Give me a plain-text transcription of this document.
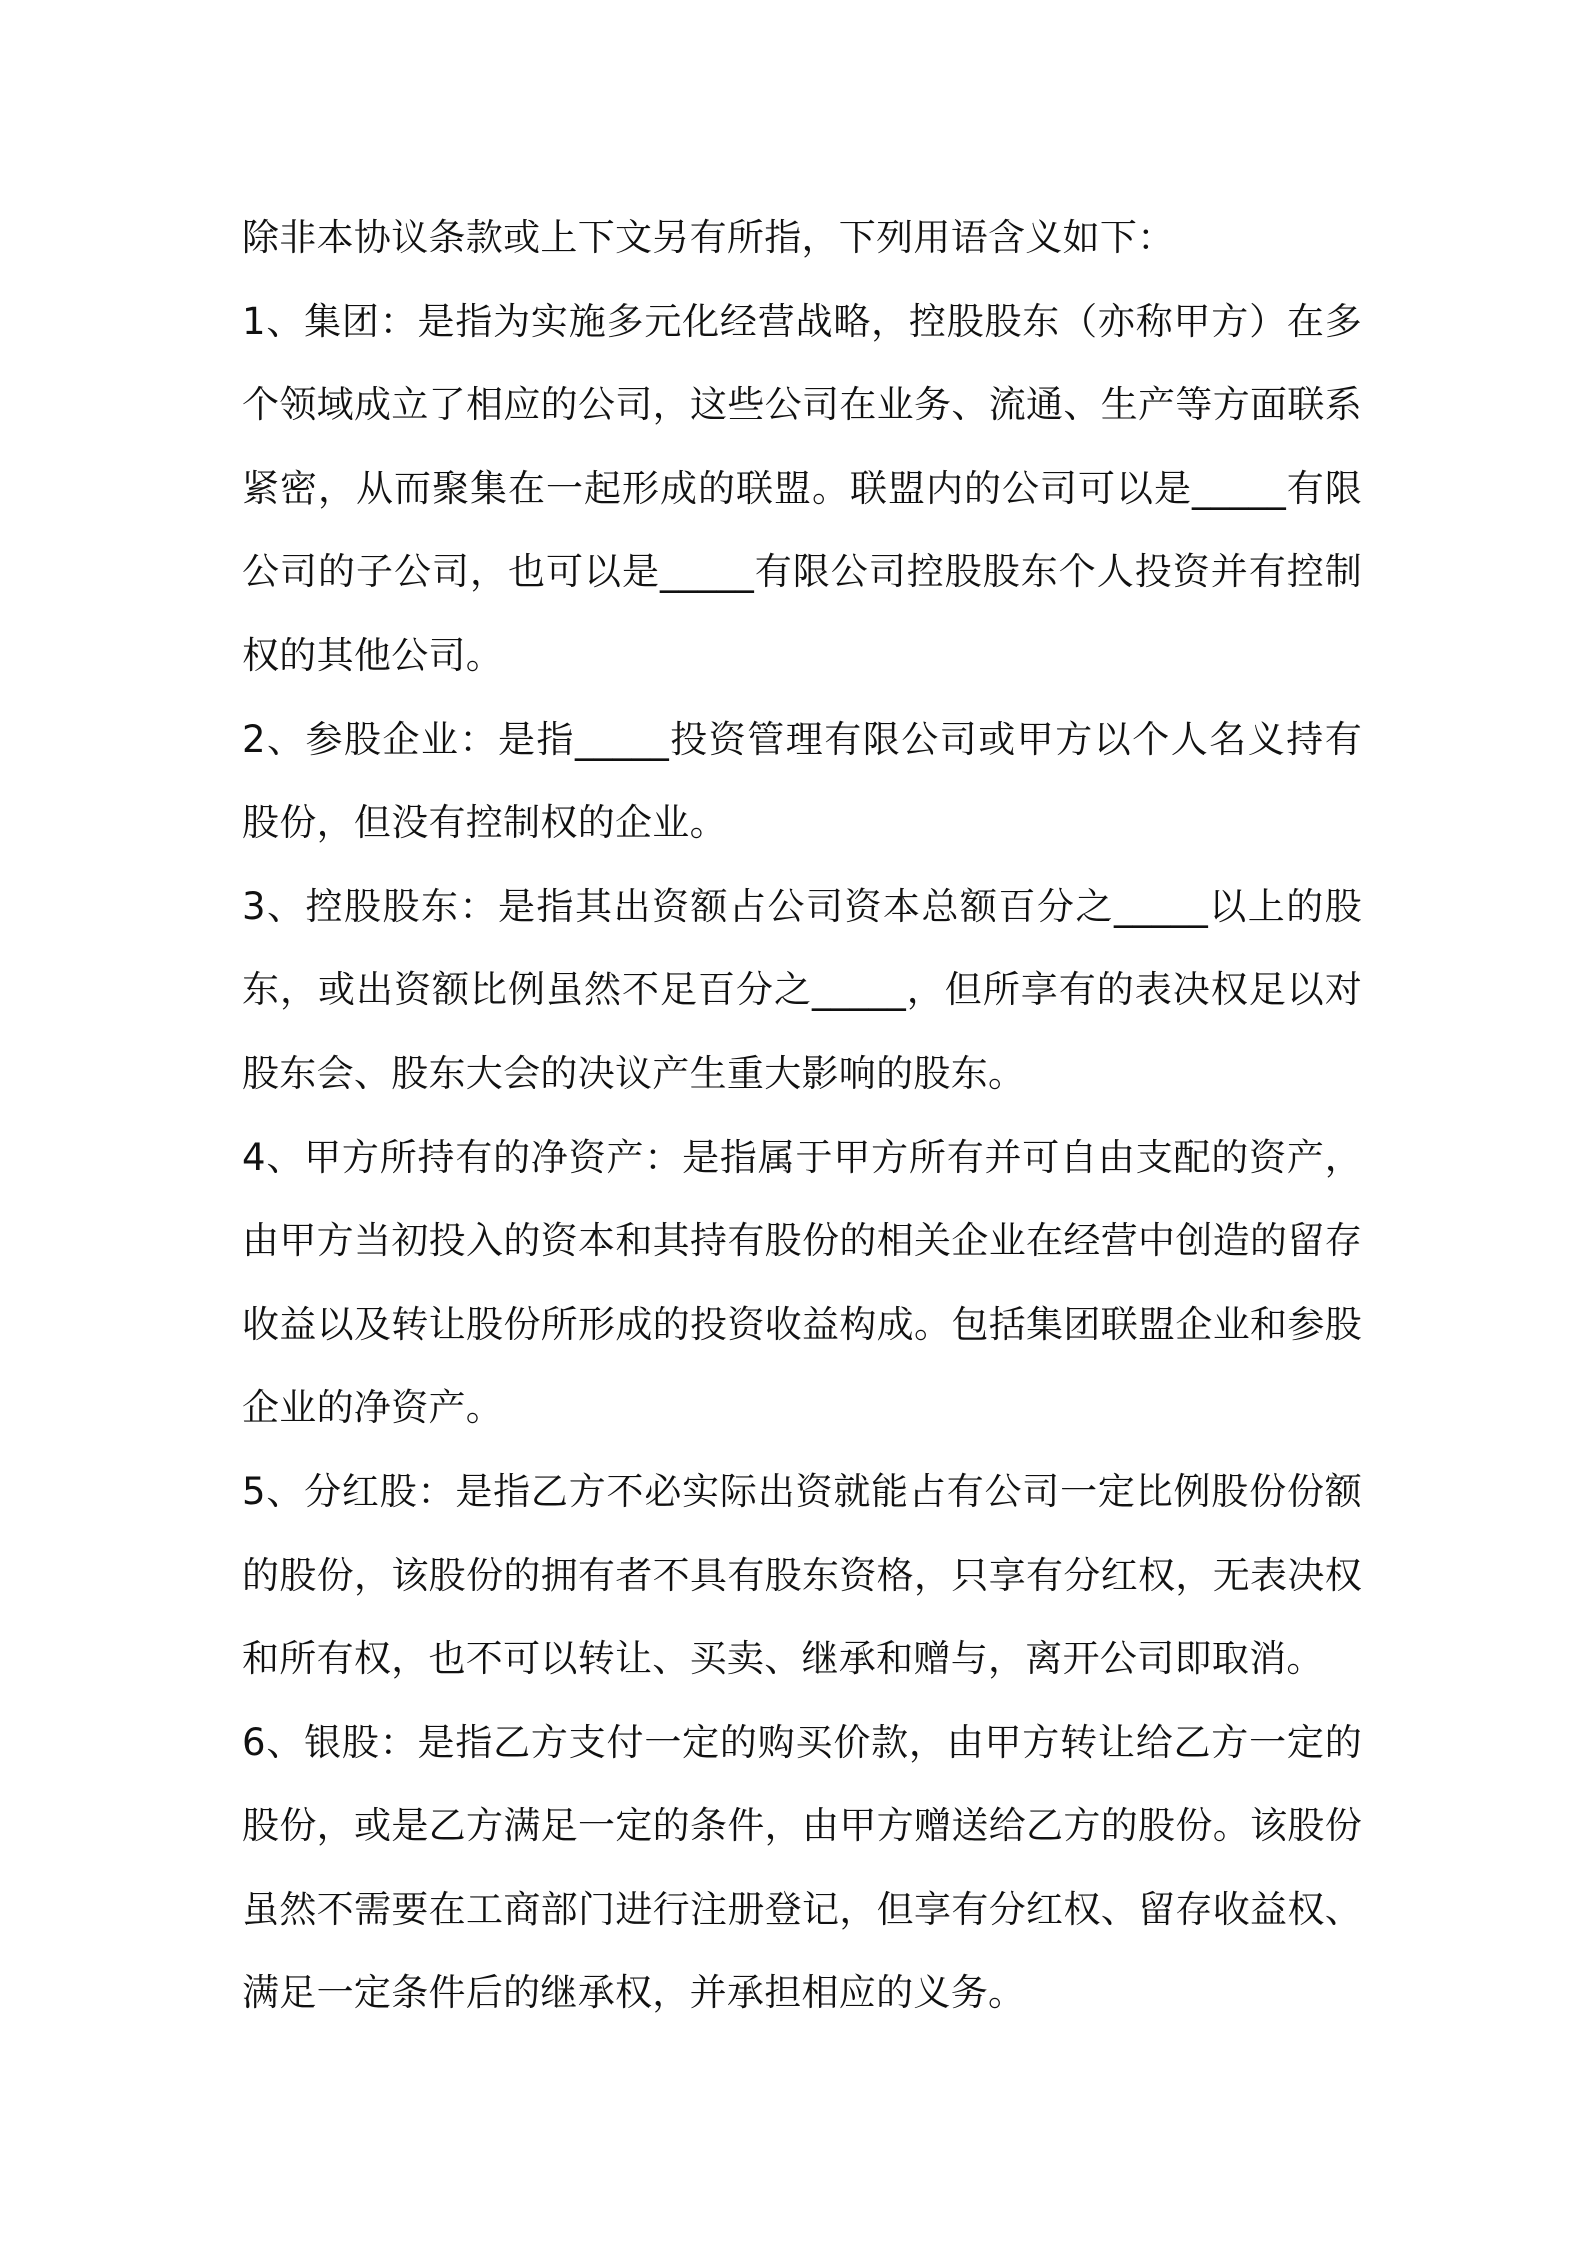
除非本协议条款或上下文另有所指，下列用语含义如下：

1、集团：是指为实施多元化经营战略，控股股东（亦称甲方）在多个领域成立了相应的公司，这些公司在业务、流通、生产等方面联系紧密，从而聚集在一起形成的联盟。联盟内的公司可以是_____有限公司的子公司，也可以是_____有限公司控股股东个人投资并有控制权的其他公司。

2、参股企业：是指_____投资管理有限公司或甲方以个人名义持有股份，但没有控制权的企业。

3、控股股东：是指其出资额占公司资本总额百分之_____以上的股东，或出资额比例虽然不足百分之_____，但所享有的表决权足以对股东会、股东大会的决议产生重大影响的股东。

4、甲方所持有的净资产：是指属于甲方所有并可自由支配的资产，由甲方当初投入的资本和其持有股份的相关企业在经营中创造的留存收益以及转让股份所形成的投资收益构成。包括集团联盟企业和参股企业的净资产。

5、分红股：是指乙方不必实际出资就能占有公司一定比例股份份额的股份，该股份的拥有者不具有股东资格，只享有分红权，无表决权和所有权，也不可以转让、买卖、继承和赠与，离开公司即取消。

6、银股：是指乙方支付一定的购买价款，由甲方转让给乙方一定的股份，或是乙方满足一定的条件，由甲方赠送给乙方的股份。该股份虽然不需要在工商部门进行注册登记，但享有分红权、留存收益权、满足一定条件后的继承权，并承担相应的义务。
